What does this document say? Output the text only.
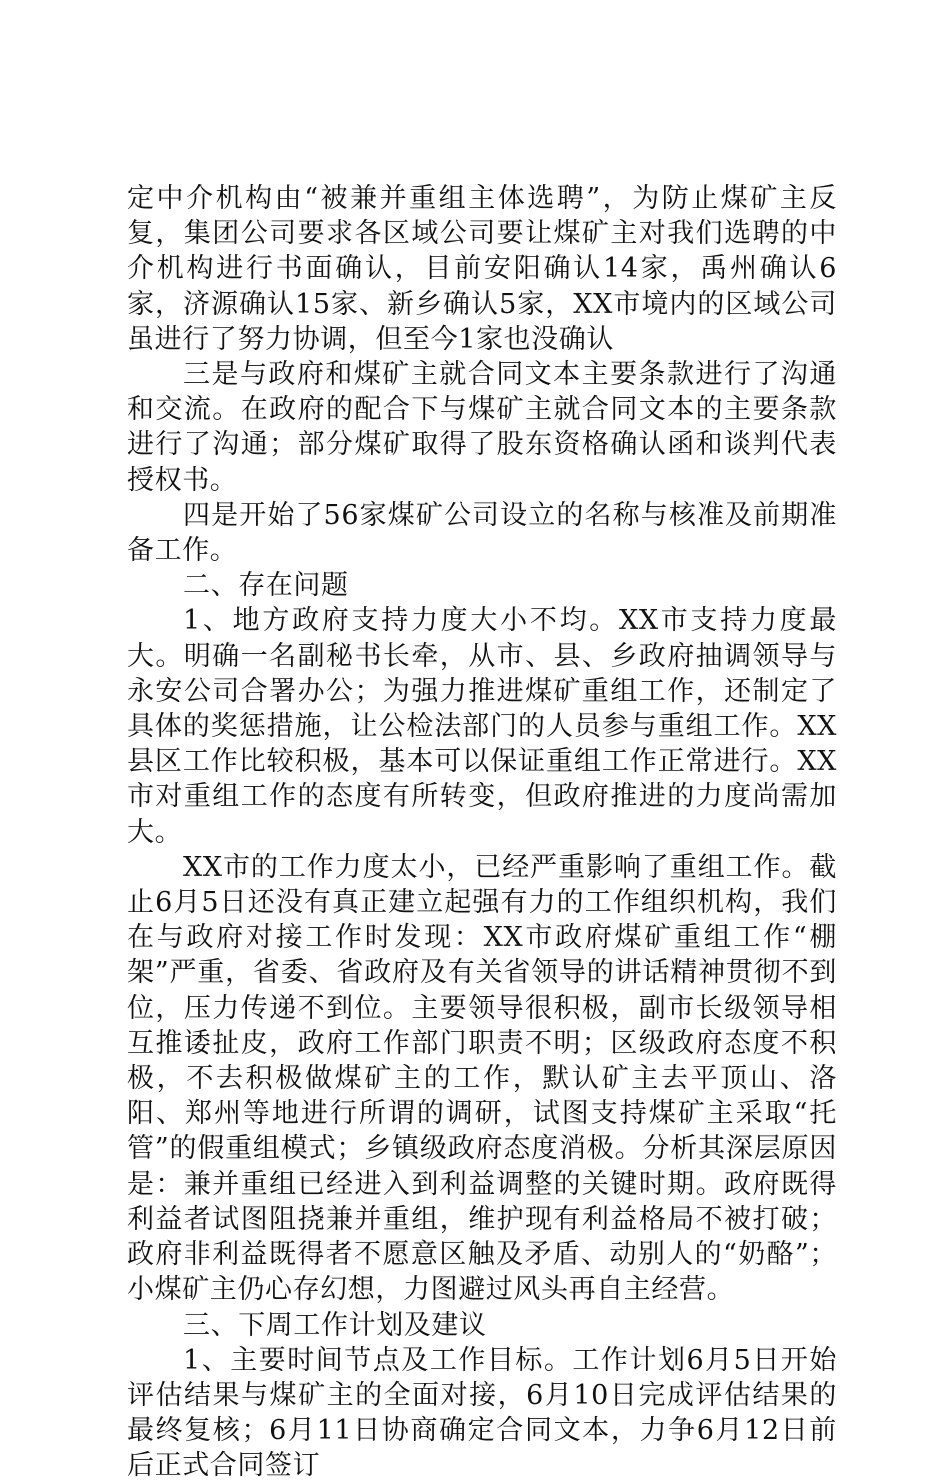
定中介机构由“被兼并重组主体选聘”，为防止煤矿主反复，集团公司要求各区域公司要让煤矿主对我们选聘的中介机构进行书面确认，目前安阳确认14家，禹州确认6家，济源确认15家、新乡确认5家，XX市境内的区域公司虽进行了努力协调，但至今1家也没确认

三是与政府和煤矿主就合同文本主要条款进行了沟通和交流。在政府的配合下与煤矿主就合同文本的主要条款进行了沟通；部分煤矿取得了股东资格确认函和谈判代表授权书。

四是开始了56家煤矿公司设立的名称与核准及前期准备工作。

二、存在问题

1、地方政府支持力度大小不均。XX市支持力度最大。明确一名副秘书长牵，从市、县、乡政府抽调领导与永安公司合署办公；为强力推进煤矿重组工作，还制定了具体的奖惩措施，让公检法部门的人员参与重组工作。XX县区工作比较积极，基本可以保证重组工作正常进行。XX市对重组工作的态度有所转变，但政府推进的力度尚需加大。

XX市的工作力度太小，已经严重影响了重组工作。截止6月5日还没有真正建立起强有力的工作组织机构，我们在与政府对接工作时发现：XX市政府煤矿重组工作“棚架”严重，省委、省政府及有关省领导的讲话精神贯彻不到位，压力传递不到位。主要领导很积极，副市长级领导相互推诿扯皮，政府工作部门职责不明；区级政府态度不积极，不去积极做煤矿主的工作，默认矿主去平顶山、洛阳、郑州等地进行所谓的调研，试图支持煤矿主采取“托管”的假重组模式；乡镇级政府态度消极。分析其深层原因是：兼并重组已经进入到利益调整的关键时期。政府既得利益者试图阻挠兼并重组，维护现有利益格局不被打破；政府非利益既得者不愿意区触及矛盾、动别人的“奶酪”；小煤矿主仍心存幻想，力图避过风头再自主经营。

三、下周工作计划及建议

1、主要时间节点及工作目标。工作计划6月5日开始评估结果与煤矿主的全面对接，6月10日完成评估结果的最终复核；6月11日协商确定合同文本，力争6月12日前后正式合同签订
